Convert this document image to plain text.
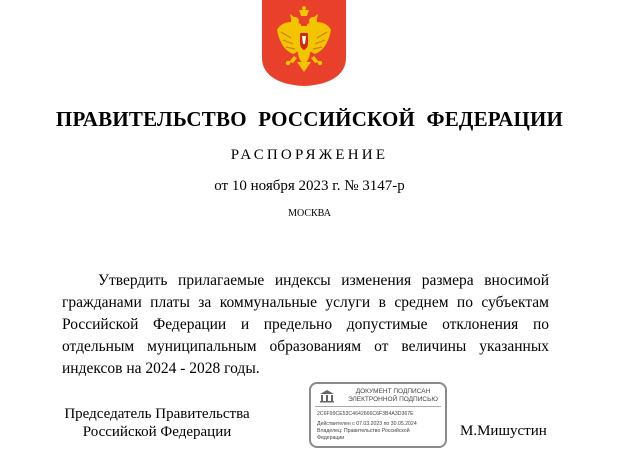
ПРАВИТЕЛЬСТВО РОССИЙСКОЙ ФЕДЕРАЦИИ
РАСПОРЯЖЕНИЕ
от 10 ноября 2023 г. № 3147-р
МОСКВА
Утвердить прилагаемые индексы изменения размера вносимой гражданами платы за коммунальные услуги в среднем по субъектам Российской Федерации и предельно допустимые отклонения по отдельным муниципальным образованиям от величины указанных индексов на 2024 - 2028 годы.
Председатель Правительства Российской Федерации
ДОКУМЕНТ ПОДПИСАН
ЭЛЕКТРОННОЙ ПОДПИСЬЮ
2C6F99CE53C4642666C6F3B4A3D367E
Действителен с 07.03.2023 по 30.05.2024
Владелец: Правительство Российской
Федерации	М.Мишустин
